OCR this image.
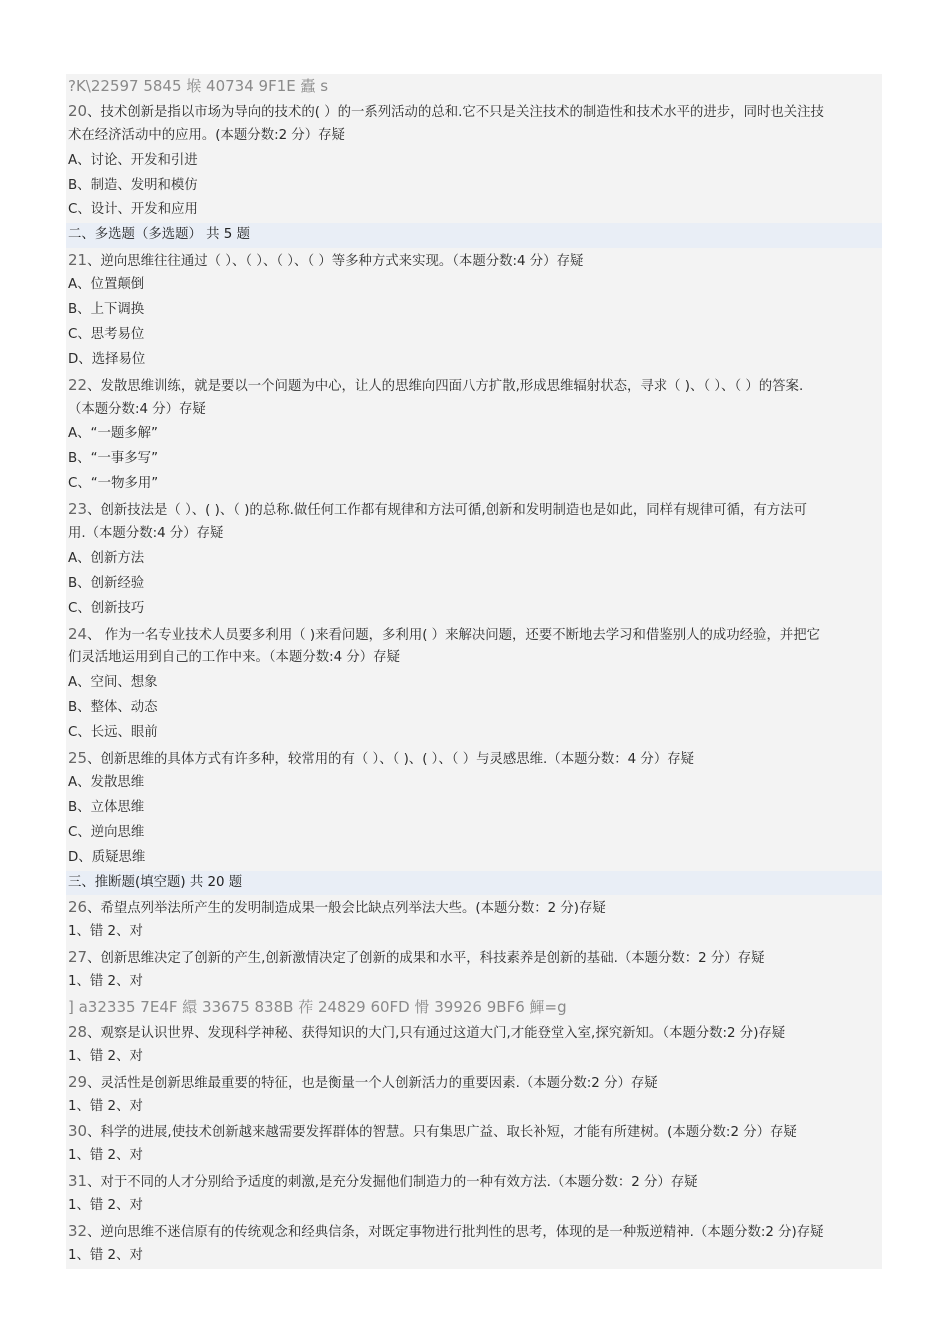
?K\22597 5845 堠 40734 9F1E 蠹 s
20、技术创新是指以市场为导向的技术的( ）的一系列活动的总和.它不只是关注技术的制造性和技术水平的进步，同时也关注技
术在经济活动中的应用。(本题分数:2 分）存疑
A、讨论、开发和引进
B、制造、发明和模仿
C、设计、开发和应用
二、多选题（多选题） 共 5 题
21、逆向思维往往通过（ ）、（ ）、（ ）、（ ）等多种方式来实现。（本题分数:4 分）存疑
A、位置颠倒
B、上下调换
C、思考易位
D、选择易位
22、发散思维训练，就是要以一个问题为中心，让人的思维向四面八方扩散,形成思维辐射状态，寻求（ )、（ ）、（ ）的答案.
（本题分数:4 分）存疑
A、“一题多解”
B、“一事多写”
C、“一物多用”
23、创新技法是（ ）、( )、（ )的总称.做任何工作都有规律和方法可循,创新和发明制造也是如此，同样有规律可循，有方法可
用.（本题分数:4 分）存疑
A、创新方法
B、创新经验
C、创新技巧
24、 作为一名专业技术人员要多利用（ )来看问题，多利用( ）来解决问题，还要不断地去学习和借鉴别人的成功经验，并把它
们灵活地运用到自己的工作中来。（本题分数:4 分）存疑
A、空间、想象
B、整体、动态
C、长远、眼前
25、创新思维的具体方式有许多种，较常用的有（ ）、（ )、( ）、（ ）与灵感思维.（本题分数：4 分）存疑
A、发散思维
B、立体思维
C、逆向思维
D、质疑思维
三、推断题(填空题) 共 20 题
26、希望点列举法所产生的发明制造成果一般会比缺点列举法大些。(本题分数：2 分)存疑
1、错 2、对
27、创新思维决定了创新的产生,创新激情决定了创新的成果和水平，科技素养是创新的基础.（本题分数：2 分）存疑
1、错 2、对
] a32335 7E4F 繯 33675 838B 莋 24829 60FD 愲 39926 9BF6 鯶=g
28、观察是认识世界、发现科学神秘、获得知识的大门,只有通过这道大门,才能登堂入室,探究新知。（本题分数:2 分)存疑
1、错 2、对
29、灵活性是创新思维最重要的特征，也是衡量一个人创新活力的重要因素.（本题分数:2 分）存疑
1、错 2、对
30、科学的进展,使技术创新越来越需要发挥群体的智慧。只有集思广益、取长补短，才能有所建树。(本题分数:2 分）存疑
1、错 2、对
31、对于不同的人才分别给予适度的刺激,是充分发掘他们制造力的一种有效方法.（本题分数：2 分）存疑
1、错 2、对
32、逆向思维不迷信原有的传统观念和经典信条，对既定事物进行批判性的思考，体现的是一种叛逆精神.（本题分数:2 分)存疑
1、错 2、对
